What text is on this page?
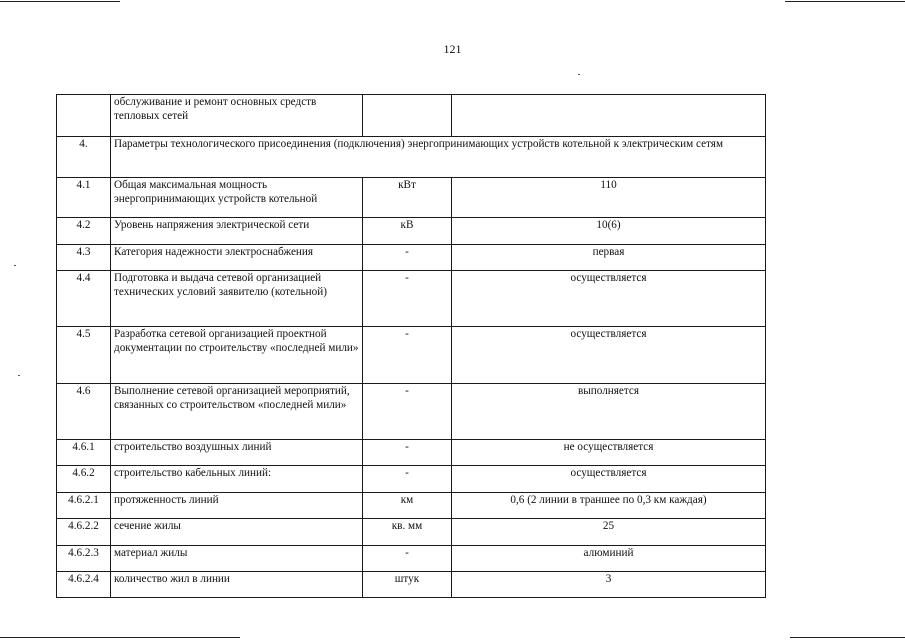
121
	обслуживание и ремонт основных средств тепловых сетей		
4.	Параметры технологического присоединения (подключения) энергопринимающих устройств котельной к электрическим сетям		
4.1	Общая максимальная мощность энергопринимающих устройств котельной	кВт	110
4.2	Уровень напряжения электрической сети	кВ	10(6)
4.3	Категория надежности электроснабжения	-	первая
4.4	Подготовка и выдача сетевой организацией технических условий заявителю (котельной)	-	осуществляется
4.5	Разработка сетевой организацией проектной документации по строительству «последней мили»	-	осуществляется
4.6	Выполнение сетевой организацией мероприятий, связанных со строительством «последней мили»	-	выполняется
4.6.1	строительство воздушных линий	-	не осуществляется
4.6.2	строительство кабельных линий:	-	осуществляется
4.6.2.1	протяженность линий	км	0,6 (2 линии в траншее по 0,3 км каждая)
4.6.2.2	сечение жилы	кв. мм	25
4.6.2.3	материал жилы	-	алюминий
4.6.2.4	количество жил в линии	штук	3
